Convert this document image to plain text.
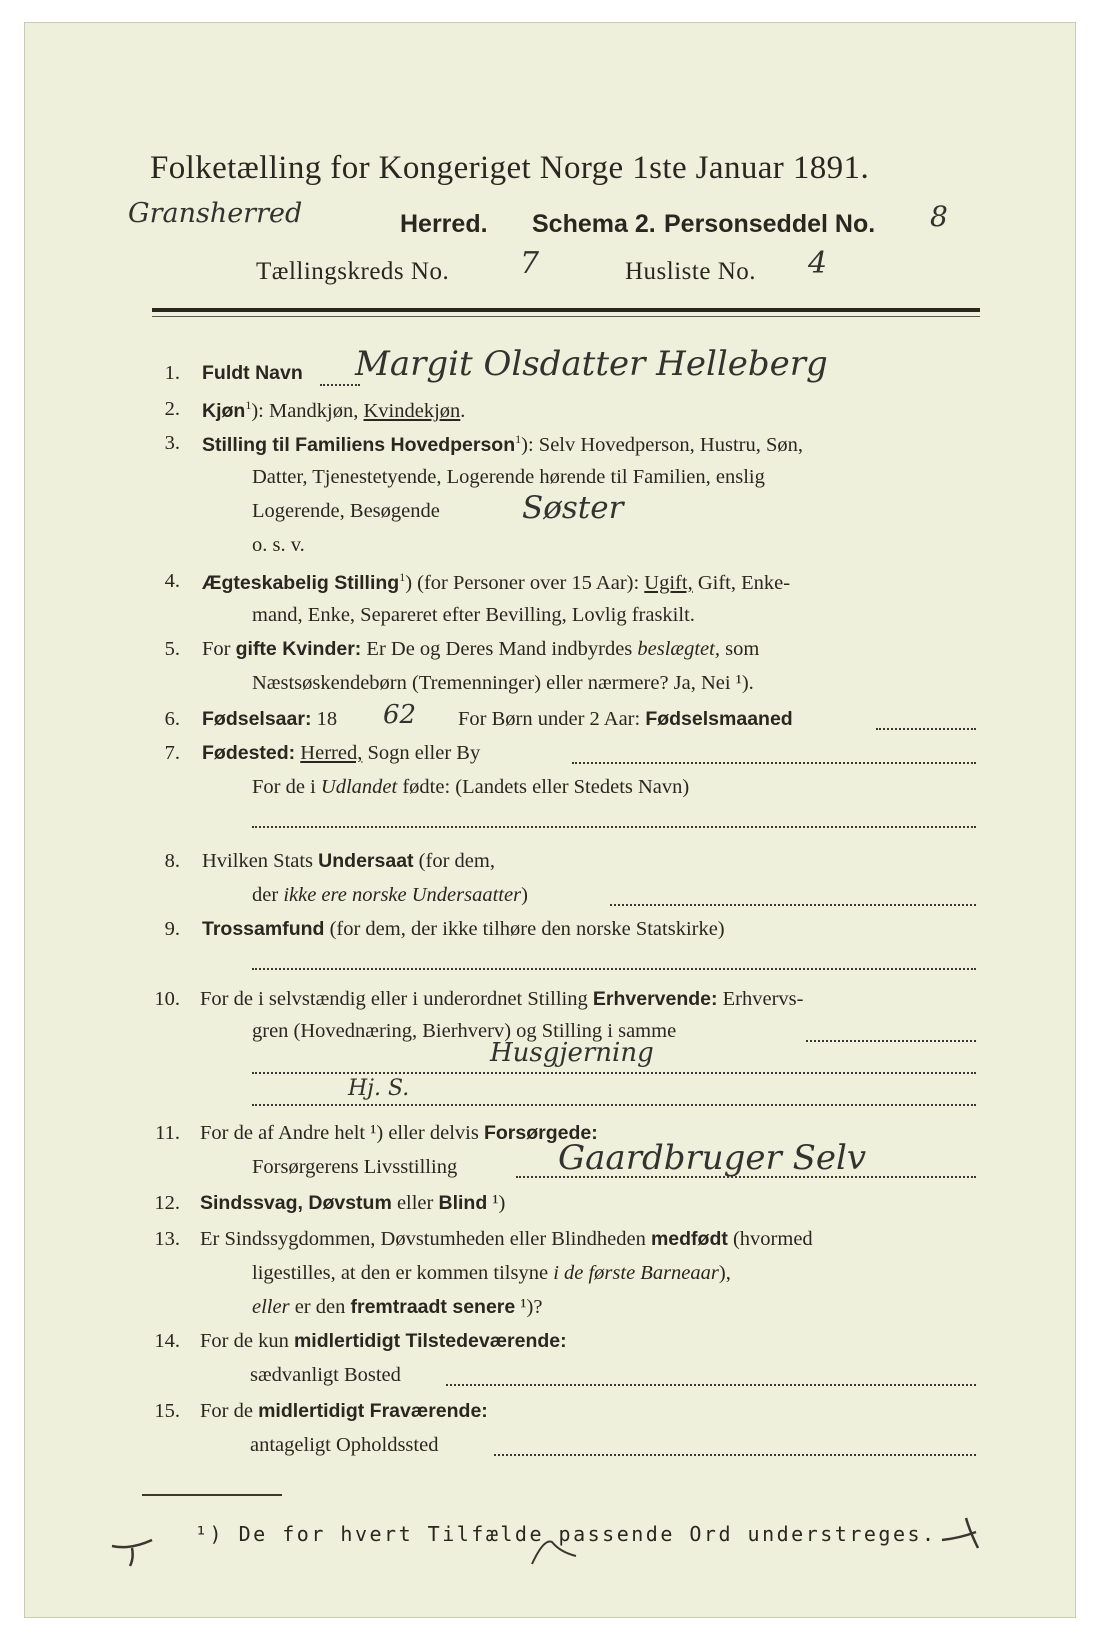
Folketælling for Kongeriget Norge 1ste Januar 1891.
Gransherred	Herred. Schema 2. Personseddel No. 8
Tællingskreds No. 7	Husliste No. 4
1. Fuldt Navn Margit Olsdatter Helleberg
2. Kjøn$^1$): Mandkjøn, Kvindekjøn.
3. Stilling til Familiens Hovedperson$^1$): Selv Hovedperson, Hustru, Søn,
Datter, Tjenestetyende, Logerende hørende til Familien, enslig
Logerende, Besøgende	Søster
o. s. v.
4. Ægteskabelig Stilling$^1$) (for Personer over 15 Aar): Ugift, Gift, Enke-
mand, Enke, Separeret efter Bevilling, Lovlig fraskilt.
5. For gifte Kvinder: Er De og Deres Mand indbyrdes beslægtet, som
Næstsøskendebørn (Tremenninger) eller nærmere? Ja, Nei ¹).
6. Fødselsaar: 18 62 For Børn under 2 Aar: Fødselsmaaned
7. Fødested: Herred, Sogn eller By
For de i Udlandet fødte: (Landets eller Stedets Navn)
8. Hvilken Stats Undersaat (for dem,
der ikke ere norske Undersaatter)
9. Trossamfund (for dem, der ikke tilhøre den norske Statskirke)
10. For de i selvstændig eller i underordnet Stilling Erhvervende: Erhvervs-
gren (Hovednæring, Bierhverv) og Stilling i samme
Husgjerning
Hj. S.
11. For de af Andre helt ¹) eller delvis Forsørgede:
Forsørgerens Livsstilling	Gaardbruger Selv
12. Sindssvag, Døvstum eller Blind ¹)
13. Er Sindssygdommen, Døvstumheden eller Blindheden medfødt (hvormed
ligestilles, at den er kommen tilsyne i de første Barneaar),
eller er den fremtraadt senere ¹)?
14. For de kun midlertidigt Tilstedeværende:
sædvanligt Bosted
15. For de midlertidigt Fraværende:
antageligt Opholdssted
¹) De for hvert Tilfælde passende Ord understreges.
